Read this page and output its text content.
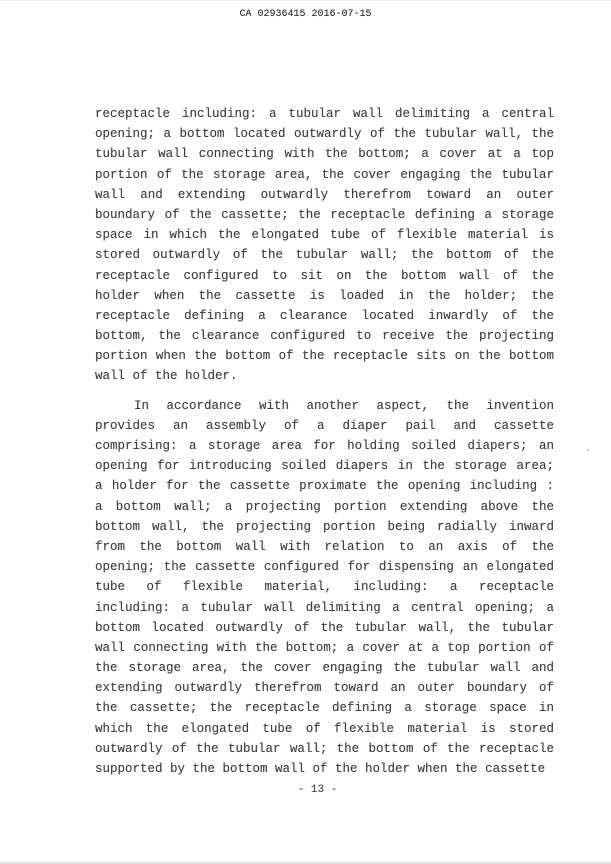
CA 02936415 2016-07-15
receptacle including: a tubular wall delimiting a central
opening; a bottom located outwardly of the tubular wall, the
tubular wall connecting with the bottom; a cover at a top
portion of the storage area, the cover engaging the tubular
wall and extending outwardly therefrom toward an outer
boundary of the cassette; the receptacle defining a storage
space in which the elongated tube of flexible material is
stored outwardly of the tubular wall; the bottom of the
receptacle configured to sit on the bottom wall of the
holder when the cassette is loaded in the holder; the
receptacle defining a clearance located inwardly of the
bottom, the clearance configured to receive the projecting
portion when the bottom of the receptacle sits on the bottom
wall of the holder.
In accordance with another aspect, the invention
provides an assembly of a diaper pail and cassette
comprising: a storage area for holding soiled diapers; an
opening for introducing soiled diapers in the storage area;
a holder for the cassette proximate the opening including :
a bottom wall; a projecting portion extending above the
bottom wall, the projecting portion being radially inward
from the bottom wall with relation to an axis of the
opening; the cassette configured for dispensing an elongated
tube of flexible material, including: a receptacle
including: a tubular wall delimiting a central opening; a
bottom located outwardly of the tubular wall, the tubular
wall connecting with the bottom; a cover at a top portion of
the storage area, the cover engaging the tubular wall and
extending outwardly therefrom toward an outer boundary of
the cassette; the receptacle defining a storage space in
which the elongated tube of flexible material is stored
outwardly of the tubular wall; the bottom of the receptacle
supported by the bottom wall of the holder when the cassette
.
- 13 -
